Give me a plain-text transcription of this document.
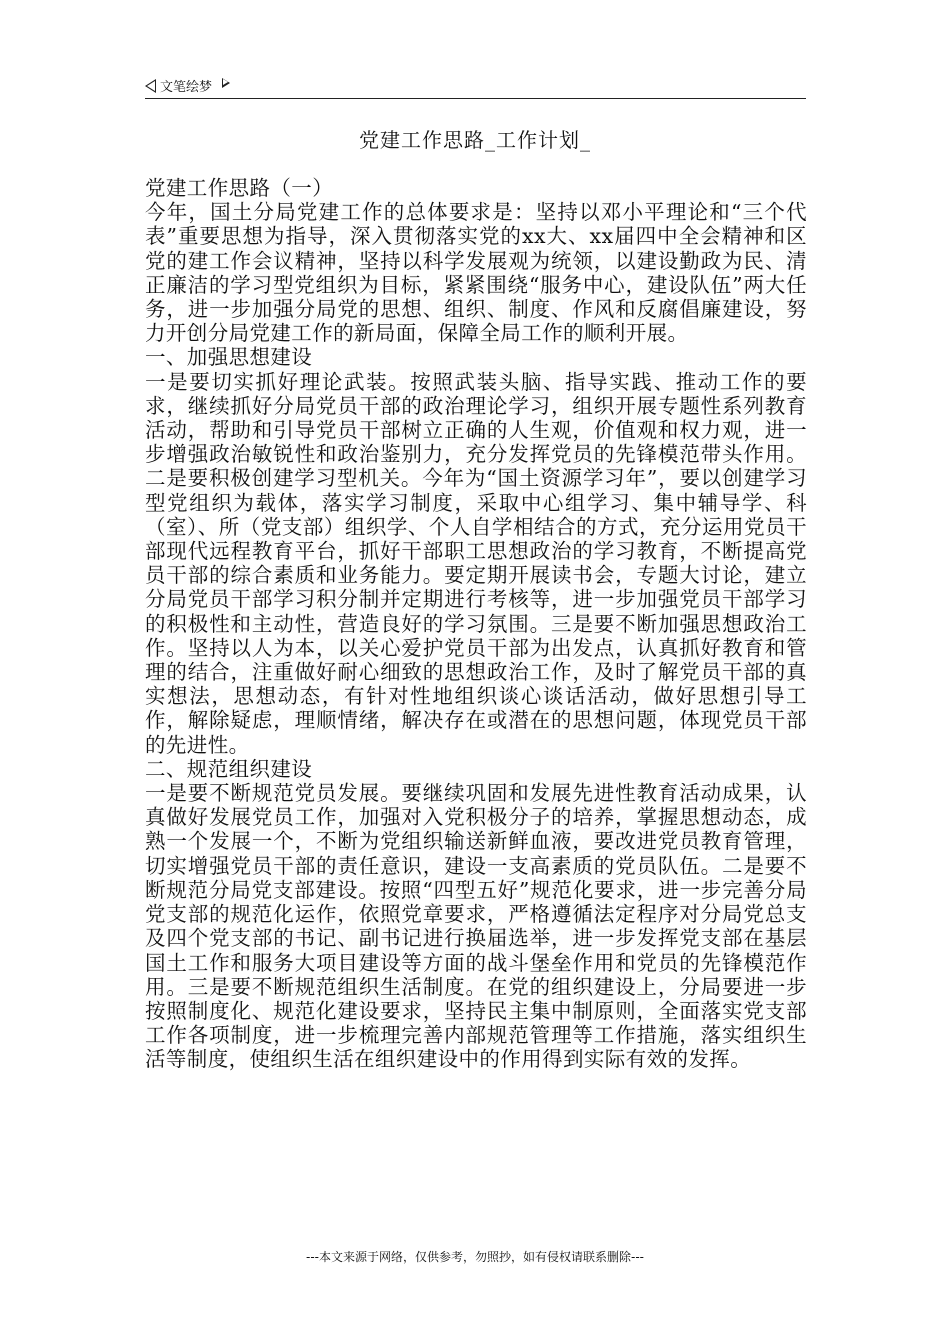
文笔绘梦
党建工作思路_工作计划_

党建工作思路（一）

今年，国土分局党建工作的总体要求是：坚持以邓小平理论和“三个代表”重要思想为指导，深入贯彻落实党的xx大、xx届四中全会精神和区党的建工作会议精神，坚持以科学发展观为统领，以建设勤政为民、清正廉洁的学习型党组织为目标，紧紧围绕“服务中心，建设队伍”两大任务，进一步加强分局党的思想、组织、制度、作风和反腐倡廉建设，努力开创分局党建工作的新局面，保障全局工作的顺利开展。

一、加强思想建设

一是要切实抓好理论武装。按照武装头脑、指导实践、推动工作的要求，继续抓好分局党员干部的政治理论学习，组织开展专题性系列教育活动，帮助和引导党员干部树立正确的人生观，价值观和权力观，进一步增强政治敏锐性和政治鉴别力，充分发挥党员的先锋模范带头作用。二是要积极创建学习型机关。今年为“国土资源学习年”，要以创建学习型党组织为载体，落实学习制度，采取中心组学习、集中辅导学、科（室）、所（党支部）组织学、个人自学相结合的方式，充分运用党员干部现代远程教育平台，抓好干部职工思想政治的学习教育，不断提高党员干部的综合素质和业务能力。要定期开展读书会，专题大讨论，建立分局党员干部学习积分制并定期进行考核等，进一步加强党员干部学习的积极性和主动性，营造良好的学习氛围。三是要不断加强思想政治工作。坚持以人为本，以关心爱护党员干部为出发点，认真抓好教育和管理的结合，注重做好耐心细致的思想政治工作，及时了解党员干部的真实想法，思想动态，有针对性地组织谈心谈话活动，做好思想引导工作，解除疑虑，理顺情绪，解决存在或潜在的思想问题，体现党员干部的先进性。

二、规范组织建设

一是要不断规范党员发展。要继续巩固和发展先进性教育活动成果，认真做好发展党员工作，加强对入党积极分子的培养，掌握思想动态，成熟一个发展一个，不断为党组织输送新鲜血液，要改进党员教育管理，切实增强党员干部的责任意识，建设一支高素质的党员队伍。二是要不断规范分局党支部建设。按照“四型五好”规范化要求，进一步完善分局党支部的规范化运作，依照党章要求，严格遵循法定程序对分局党总支及四个党支部的书记、副书记进行换届选举，进一步发挥党支部在基层国土工作和服务大项目建设等方面的战斗堡垒作用和党员的先锋模范作用。三是要不断规范组织生活制度。在党的组织建设上，分局要进一步按照制度化、规范化建设要求，坚持民主集中制原则，全面落实党支部工作各项制度，进一步梳理完善内部规范管理等工作措施，落实组织生活等制度，使组织生活在组织建设中的作用得到实际有效的发挥。

---本文来源于网络，仅供参考，勿照抄，如有侵权请联系删除---
